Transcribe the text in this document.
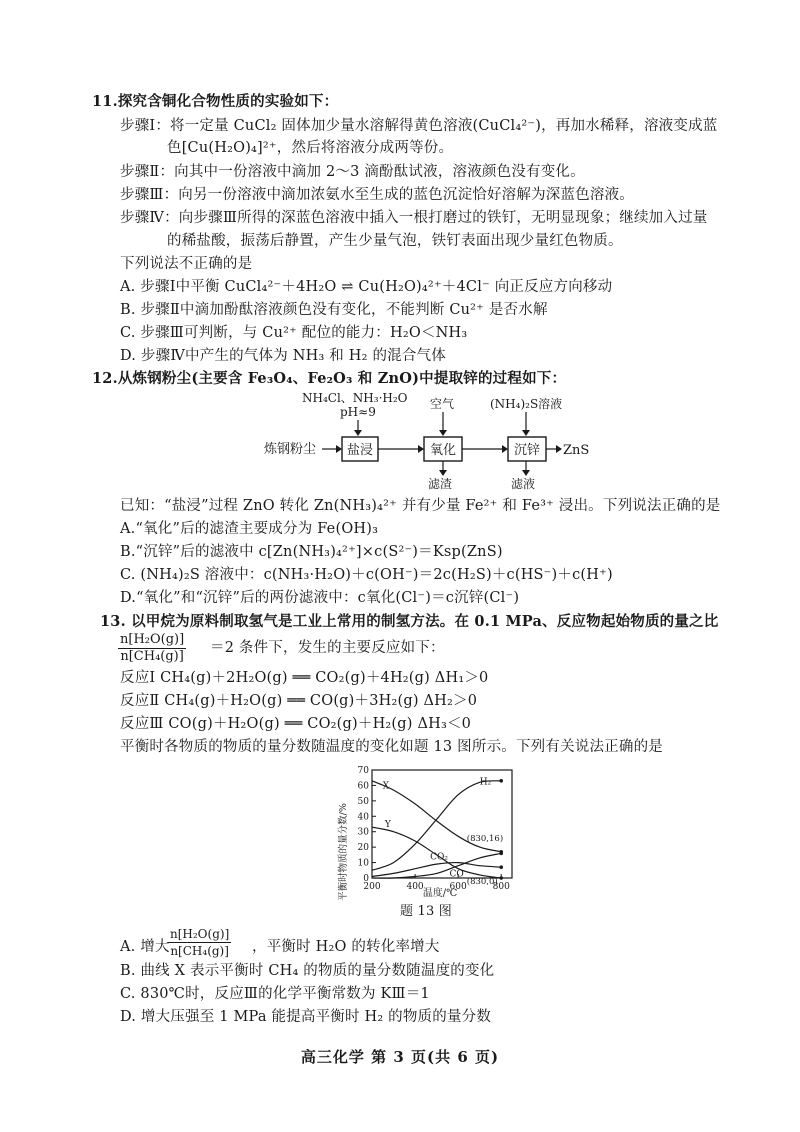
11.探究含铜化合物性质的实验如下：
步骤Ⅰ：将一定量 CuCl₂ 固体加少量水溶解得黄色溶液(CuCl₄²⁻)，再加水稀释，溶液变成蓝
色[Cu(H₂O)₄]²⁺，然后将溶液分成两等份。
步骤Ⅱ：向其中一份溶液中滴加 2～3 滴酚酞试液，溶液颜色没有变化。
步骤Ⅲ：向另一份溶液中滴加浓氨水至生成的蓝色沉淀恰好溶解为深蓝色溶液。
步骤Ⅳ：向步骤Ⅲ所得的深蓝色溶液中插入一根打磨过的铁钉，无明显现象；继续加入过量
的稀盐酸，振荡后静置，产生少量气泡，铁钉表面出现少量红色物质。
下列说法不正确的是
A. 步骤Ⅰ中平衡 CuCl₄²⁻＋4H₂O ⇌ Cu(H₂O)₄²⁺＋4Cl⁻ 向正反应方向移动
B. 步骤Ⅱ中滴加酚酞溶液颜色没有变化，不能判断 Cu²⁺ 是否水解
C. 步骤Ⅲ可判断，与 Cu²⁺ 配位的能力：H₂O＜NH₃
D. 步骤Ⅳ中产生的气体为 NH₃ 和 H₂ 的混合气体
12.从炼钢粉尘(主要含 Fe₃O₄、Fe₂O₃ 和 ZnO)中提取锌的过程如下：
NH₄Cl、NH₃·H₂O
pH≈9
空气	(NH₄)₂S溶液
炼钢粉尘 盐浸	氧化	沉锌 ZnS
滤渣	滤液
已知：“盐浸”过程 ZnO 转化 Zn(NH₃)₄²⁺ 并有少量 Fe²⁺ 和 Fe³⁺ 浸出。下列说法正确的是
A.“氧化”后的滤渣主要成分为 Fe(OH)₃
B.“沉锌”后的滤液中 c[Zn(NH₃)₄²⁺]×c(S²⁻)＝Ksp(ZnS)
C. (NH₄)₂S 溶液中：c(NH₃·H₂O)＋c(OH⁻)＝2c(H₂S)＋c(HS⁻)＋c(H⁺)
D.“氧化”和“沉锌”后的两份滤液中：c氧化(Cl⁻)＝c沉锌(Cl⁻)
13. 以甲烷为原料制取氢气是工业上常用的制氢方法。在 0.1 MPa、反应物起始物质的量之比
$\frac{\text{n[H₂O(g)]}}{\text{n[CH₄(g)]}} =2$ 条件下，发生的主要反应如下：
反应Ⅰ CH₄(g)＋2H₂O(g) ══ CO₂(g)＋4H₂(g) ΔH₁＞0
反应Ⅱ CH₄(g)＋H₂O(g) ══ CO(g)＋3H₂(g) ΔH₂＞0
反应Ⅲ CO(g)＋H₂O(g) ══ CO₂(g)＋H₂(g) ΔH₃＜0
平衡时各物质的物质的量分数随温度的变化如题 13 图所示。下列有关说法正确的是
平衡时物质的量分数/%	温度/℃
0
10
20
30
40
50
60
70
200	400	600	800
H₂
X
Y
CO₂
CO
(830,16)
(830,0)
题 13 图
A. 增大
$\frac{\text{n[H₂O(g)]}}{\text{n[CH₄(g)]}}$ ，平衡时 H₂O 的转化率增大
B. 曲线 X 表示平衡时 CH₄ 的物质的量分数随温度的变化
C. 830℃时，反应Ⅲ的化学平衡常数为 KⅢ＝1
D. 增大压强至 1 MPa 能提高平衡时 H₂ 的物质的量分数
高三化学 第 3 页(共 6 页)
